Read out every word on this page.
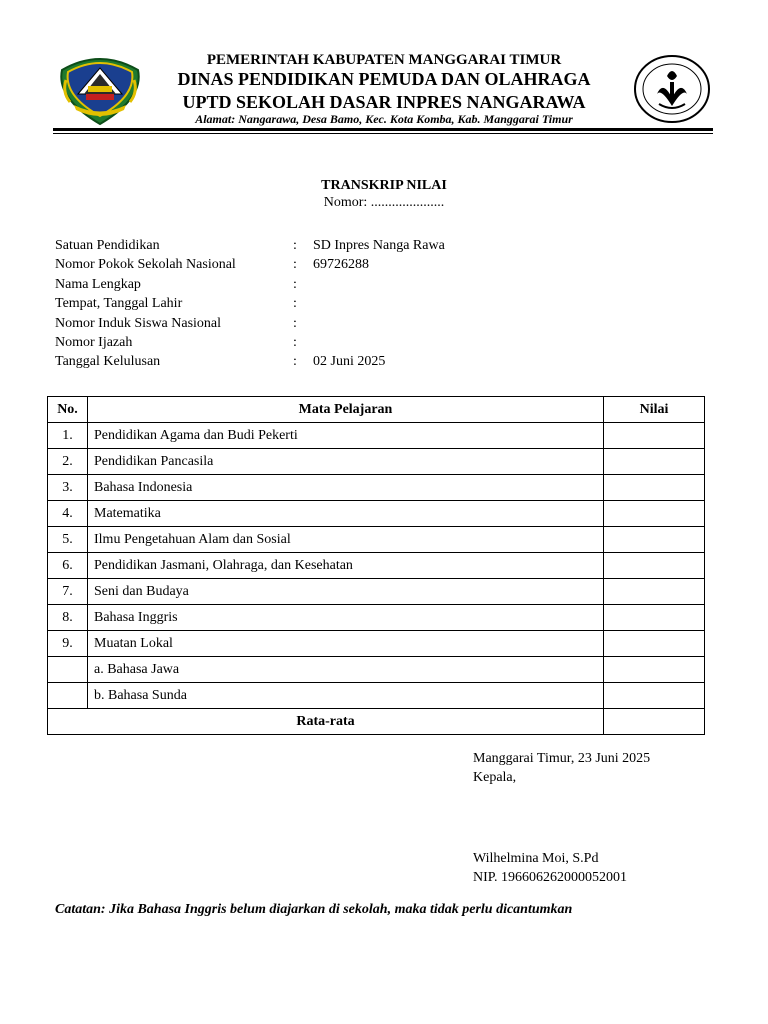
PEMERINTAH KABUPATEN MANGGARAI TIMUR
DINAS PENDIDIKAN PEMUDA DAN OLAHRAGA
UPTD SEKOLAH DASAR INPRES NANGARAWA
Alamat: Nangarawa, Desa Bamo, Kec. Kota Komba, Kab. Manggarai Timur
TRANSKRIP NILAI
Nomor: .....................
Satuan Pendidikan	:	SD Inpres Nanga Rawa
Nomor Pokok Sekolah Nasional	:	69726288
Nama Lengkap	:
Tempat, Tanggal Lahir	:
Nomor Induk Siswa Nasional	:
Nomor Ijazah	:
Tanggal Kelulusan	:	02 Juni 2025
No.	Mata Pelajaran	Nilai
1.	Pendidikan Agama dan Budi Pekerti	
2.	Pendidikan Pancasila	
3.	Bahasa Indonesia	
4.	Matematika	
5.	Ilmu Pengetahuan Alam dan Sosial	
6.	Pendidikan Jasmani, Olahraga, dan Kesehatan	
7.	Seni dan Budaya	
8.	Bahasa Inggris	
9.	Muatan Lokal	
	a. Bahasa Jawa	
	b. Bahasa Sunda	
Rata-rata		
Manggarai Timur, 23 Juni 2025
Kepala,
Wilhelmina Moi, S.Pd
NIP. 196606262000052001
Catatan: Jika Bahasa Inggris belum diajarkan di sekolah, maka tidak perlu dicantumkan
